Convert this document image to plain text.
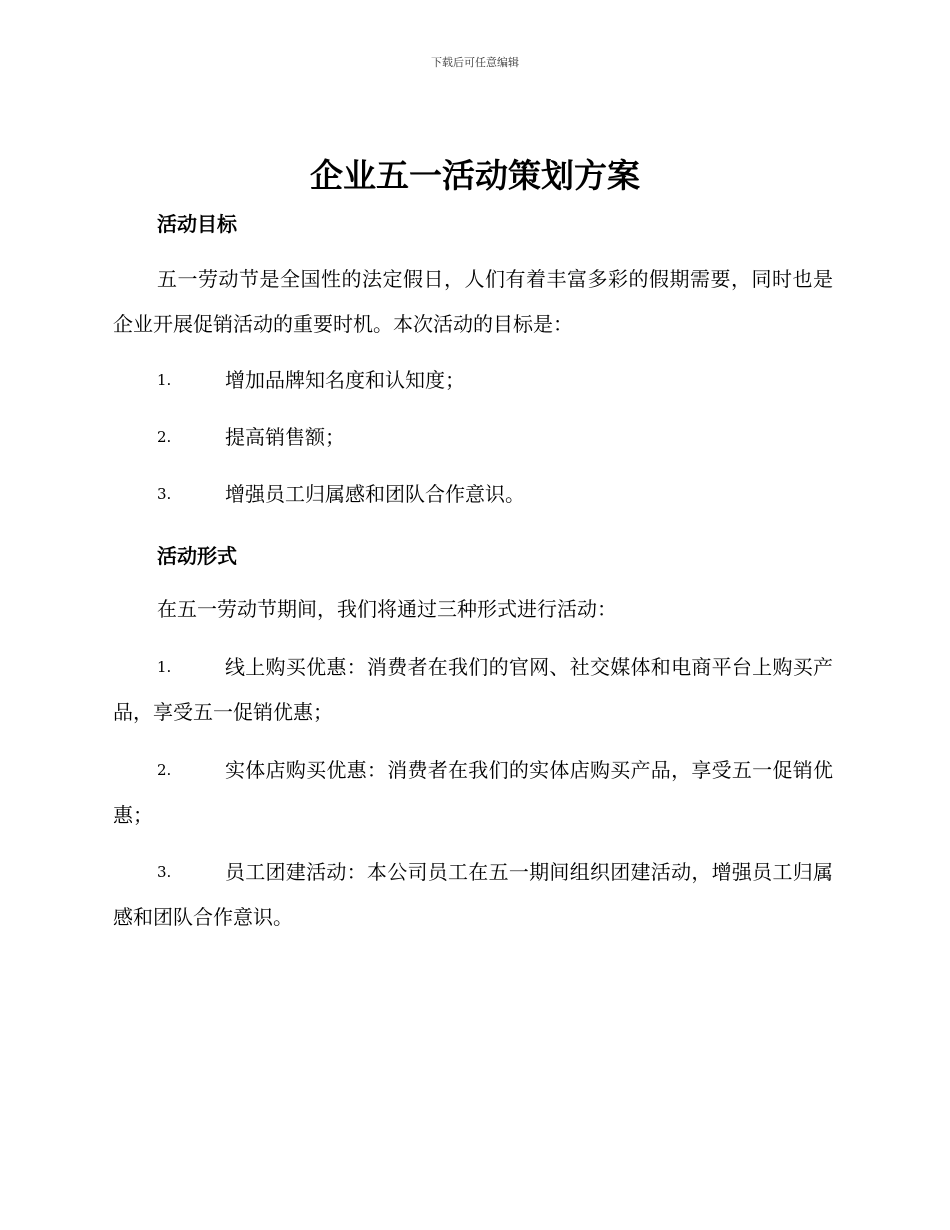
下载后可任意编辑
企业五一活动策划方案
活动目标
五一劳动节是全国性的法定假日，人们有着丰富多彩的假期需要，同时也是企业开展促销活动的重要时机。本次活动的目标是：
1.	增加品牌知名度和认知度；
2.	提高销售额；
3.	增强员工归属感和团队合作意识。
活动形式
在五一劳动节期间，我们将通过三种形式进行活动：
1.	线上购买优惠：消费者在我们的官网、社交媒体和电商平台上购买产品，享受五一促销优惠；
2.	实体店购买优惠：消费者在我们的实体店购买产品，享受五一促销优惠；
3.	员工团建活动：本公司员工在五一期间组织团建活动，增强员工归属感和团队合作意识。
